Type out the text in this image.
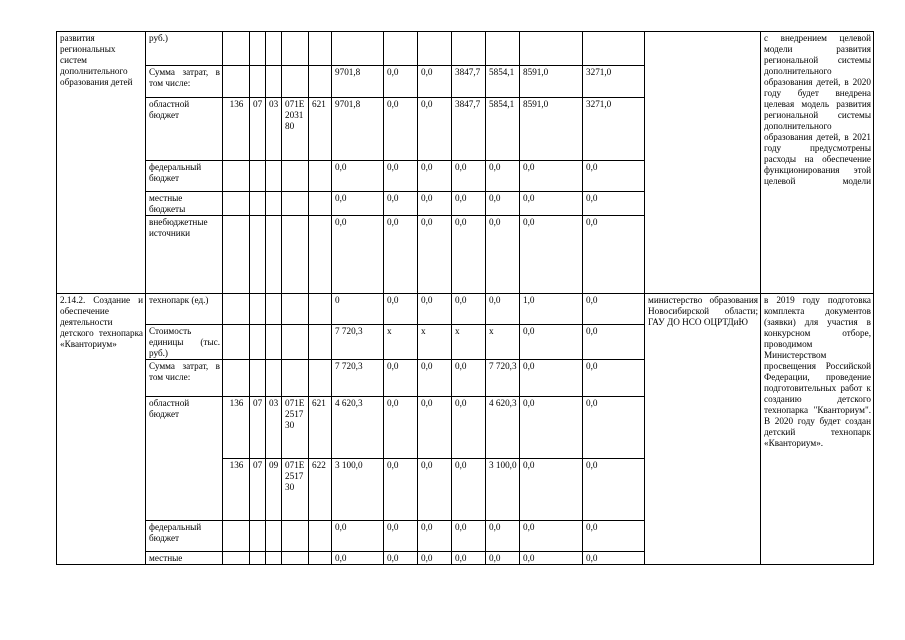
развития региональных систем дополнительного образования детей	руб.)														с внедрением целевой модели развития региональной системы дополнительного образования детей, в 2020 году будет внедрена целевая модель развития региональной системы дополнительного образования детей, в 2021 году предусмотрены расходы на обеспечение функционирования этой целевой модели
	Сумма затрат, в том числе:						9701,8	0,0	0,0	3847,7	5854,1	8591,0	3271,0		
	областной бюджет	136	07	03	071Е203180	621	9701,8	0,0	0,0	3847,7	5854,1	8591,0	3271,0		
	федеральный бюджет						0,0	0,0	0,0	0,0	0,0	0,0	0,0		
	местные бюджеты						0,0	0,0	0,0	0,0	0,0	0,0	0,0		
	внебюджетные источники						0,0	0,0	0,0	0,0	0,0	0,0	0,0		
2.14.2. Создание и обеспечение деятельности детского технопарка «Кванториум»	технопарк (ед.)						0	0,0	0,0	0,0	0,0	1,0	0,0	министерство образования Новосибирской области; ГАУ ДО НСО ОЦРТДиЮ	в 2019 году подготовка комплекта документов (заявки) для участия в конкурсном отборе, проводимом Министерством просвещения Российской Федерации, проведение подготовительных работ к созданию детского технопарка "Кванториум". В 2020 году будет создан детский технопарк «Кванториум».
	Стоимость единицы (тыс. руб.)						7 720,3	х	х	х	х	0,0	0,0		
	Сумма затрат, в том числе:						7 720,3	0,0	0,0	0,0	7 720,3	0,0	0,0		
	областной бюджет	136	07	03	071Е251730	621	4 620,3	0,0	0,0	0,0	4 620,3	0,0	0,0		
		136	07	09	071Е251730	622	3 100,0	0,0	0,0	0,0	3 100,0	0,0	0,0		
	федеральный бюджет						0,0	0,0	0,0	0,0	0,0	0,0	0,0		
	местные						0,0	0,0	0,0	0,0	0,0	0,0	0,0		
